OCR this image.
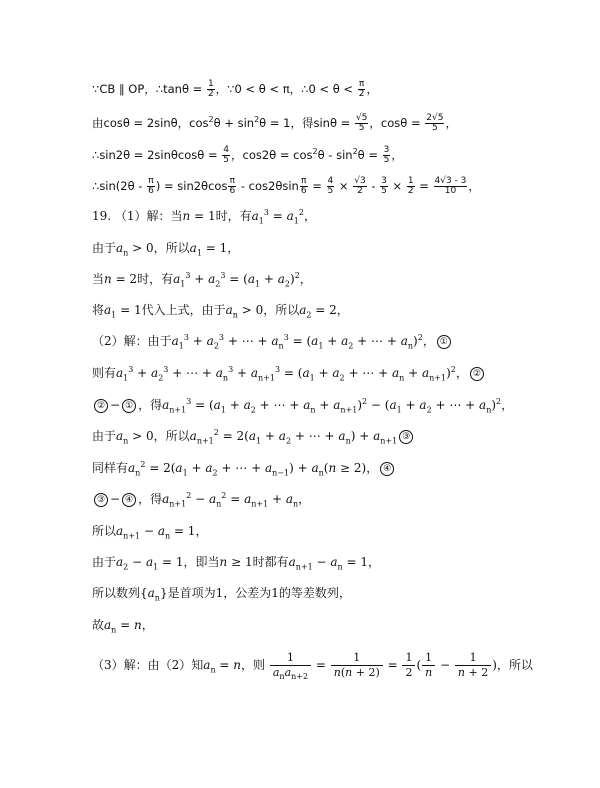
∵CB ∥ OP，∴tanθ = $\frac{1}{2}$ ，∵0 < θ < π，∴0 < $\theta < \frac{\pi}{2}$ ，
由cosθ = 2sinθ，$\cos^2\theta + \sin^2\theta = 1$，得$\sin\theta = \frac{√5}{5}$ ，$\cos\theta = \frac{2√5}{5}$ ，
∴sin2θ = $2\sin\theta\cos\theta = \frac{4}{5}$ ，$\cos 2\theta = \cos^2\theta - \sin^2\theta = \frac{3}{5}$ ，
∴sin(2θ - $\frac{\pi}{6}$ ) = $\sin 2\theta\cos \frac{\pi}{6} - \cos 2\theta\sin \frac{\pi}{6} = \frac{4}{5} \times \frac{√3}{2} - \frac{3}{5} \times \frac{1}{2} = \frac{4√3 - 3}{10}$ ，
19. （1）解：当n = 1时，有$a_1^3 = a_1^2$，
由于$a_n > 0$，所以$a_1 = 1$，
当n = 2时，有$a_1^3 + a_2^3 = (a_1 + a_2)^2$，
将$a_1 = 1$代入上式，由于$a_n > 0$，所以$a_2 = 2$，
（2）解：由于$a_1^3 + a_2^3$ + ⋯ + $a_n^3 = (a_1 + a_2$ + ⋯ + $a_n)^2$， ①
则有$a_1^3 + a_2^3$ + ⋯ + $a_n^3 + a_{n+1}^3 = (a_1 + a_2$ + ⋯ + $a_n + a_{n+1})^2$， ②
② − ① ，得$a_{n+1}^3 = (a_1 + a_2$ + ⋯ + $a_n + a_{n+1})^2 - (a_1 + a_2$ + ⋯ + $a_n)^2$，
由于$a_n > 0$，所以$a_{n+1}^2 = 2(a_1 + a_2$ + ⋯ + $a_n) + a_{n+1}$ ③
同样有$a_n^2 = 2(a_1 + a_2$ + ⋯ + $a_{n-1}) + a_n(n \ge 2)$， ④
③ − ④ ，得$a_{n+1}^2 - a_n^2 = a_{n+1} + a_n$，
所以$a_{n+1} - a_n = 1$，
由于$a_2 - a_1 = 1$，即当n ≥ 1时都有$a_{n+1} - a_n = 1$，
所以数列$\{a_n\}$是首项为1，公差为1的等差数列，
故$a_n = n$，
（3）解：由（2）知$a_n = n$，则 $\frac{1}{a_na_{n+2}} = \frac{1}{n(n + 2)} = \frac{1}{2}$ ( $\frac{1}{n} - \frac{1}{n + 2}$ )，所以
